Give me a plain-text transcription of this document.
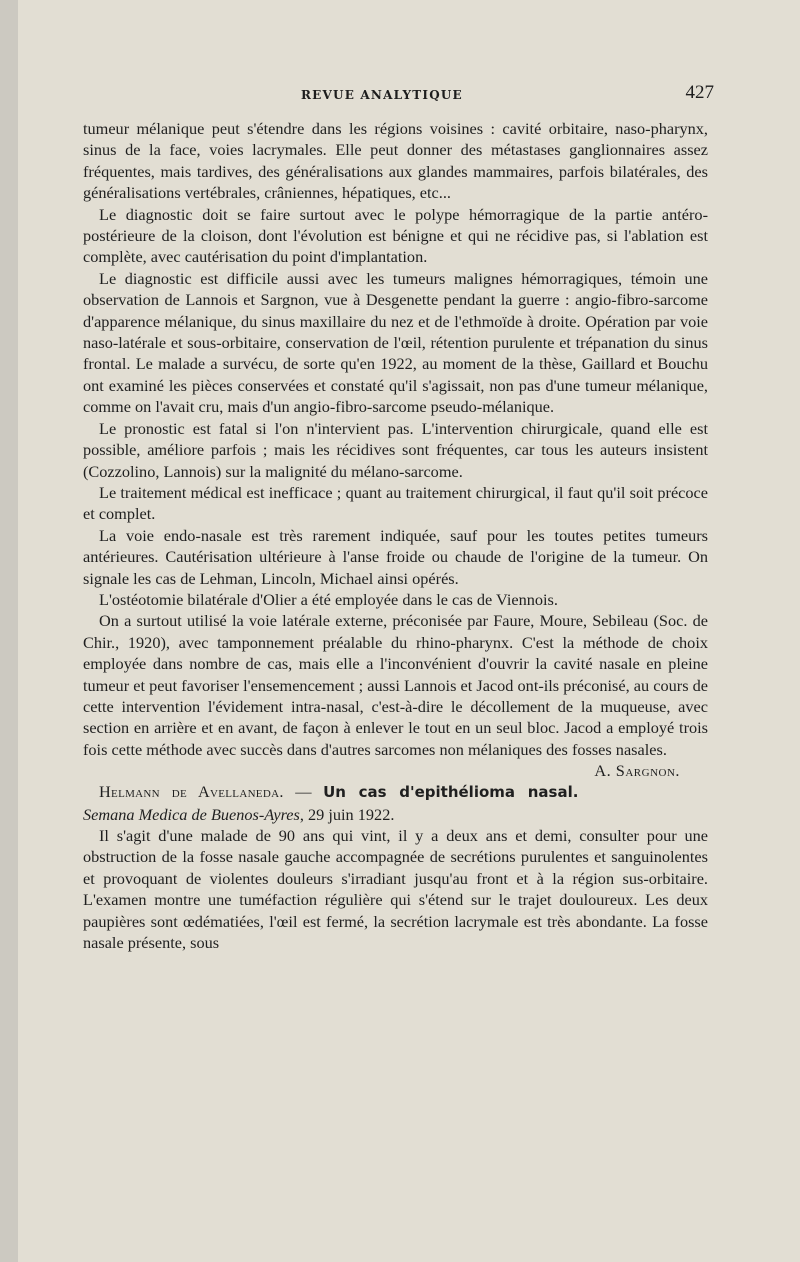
REVUE ANALYTIQUE	427

tumeur mélanique peut s'étendre dans les régions voisines : cavité orbitaire, naso-pharynx, sinus de la face, voies lacrymales. Elle peut donner des métastases ganglionnaires assez fréquentes, mais tardives, des généralisations aux glandes mammaires, parfois bilatérales, des généralisations vertébrales, crâniennes, hépatiques, etc...

Le diagnostic doit se faire surtout avec le polype hémorragique de la partie antéro-postérieure de la cloison, dont l'évolution est bénigne et qui ne récidive pas, si l'ablation est complète, avec cautérisation du point d'implantation.

Le diagnostic est difficile aussi avec les tumeurs malignes hémorragiques, témoin une observation de Lannois et Sargnon, vue à Desgenette pendant la guerre : angio-fibro-sarcome d'apparence mélanique, du sinus maxillaire du nez et de l'ethmoïde à droite. Opération par voie naso-latérale et sous-orbitaire, conservation de l'œil, rétention purulente et trépanation du sinus frontal. Le malade a survécu, de sorte qu'en 1922, au moment de la thèse, Gaillard et Bouchu ont examiné les pièces conservées et constaté qu'il s'agissait, non pas d'une tumeur mélanique, comme on l'avait cru, mais d'un angio-fibro-sarcome pseudo-mélanique.

Le pronostic est fatal si l'on n'intervient pas. L'intervention chirurgicale, quand elle est possible, améliore parfois ; mais les récidives sont fréquentes, car tous les auteurs insistent (Cozzolino, Lannois) sur la malignité du mélano-sarcome.

Le traitement médical est inefficace ; quant au traitement chirurgical, il faut qu'il soit précoce et complet.

La voie endo-nasale est très rarement indiquée, sauf pour les toutes petites tumeurs antérieures. Cautérisation ultérieure à l'anse froide ou chaude de l'origine de la tumeur. On signale les cas de Lehman, Lincoln, Michael ainsi opérés.

L'ostéotomie bilatérale d'Olier a été employée dans le cas de Viennois.

On a surtout utilisé la voie latérale externe, préconisée par Faure, Moure, Sebileau (Soc. de Chir., 1920), avec tamponnement préalable du rhino-pharynx. C'est la méthode de choix employée dans nombre de cas, mais elle a l'inconvénient d'ouvrir la cavité nasale en pleine tumeur et peut favoriser l'ensemencement ; aussi Lannois et Jacod ont-ils préconisé, au cours de cette intervention l'évidement intra-nasal, c'est-à-dire le décollement de la muqueuse, avec section en arrière et en avant, de façon à enlever le tout en un seul bloc. Jacod a employé trois fois cette méthode avec succès dans d'autres sarcomes non mélaniques des fosses nasales.
A. Sargnon.

Helmann de Avellaneda. — Un cas d'epithélioma nasal. Semana Medica de Buenos-Ayres, 29 juin 1922.

Il s'agit d'une malade de 90 ans qui vint, il y a deux ans et demi, consulter pour une obstruction de la fosse nasale gauche accompagnée de secrétions purulentes et sanguinolentes et provoquant de violentes douleurs s'irradiant jusqu'au front et à la région sus-orbitaire. L'examen montre une tuméfaction régulière qui s'étend sur le trajet douloureux. Les deux paupières sont œdématiées, l'œil est fermé, la secrétion lacrymale est très abondante. La fosse nasale présente, sous
